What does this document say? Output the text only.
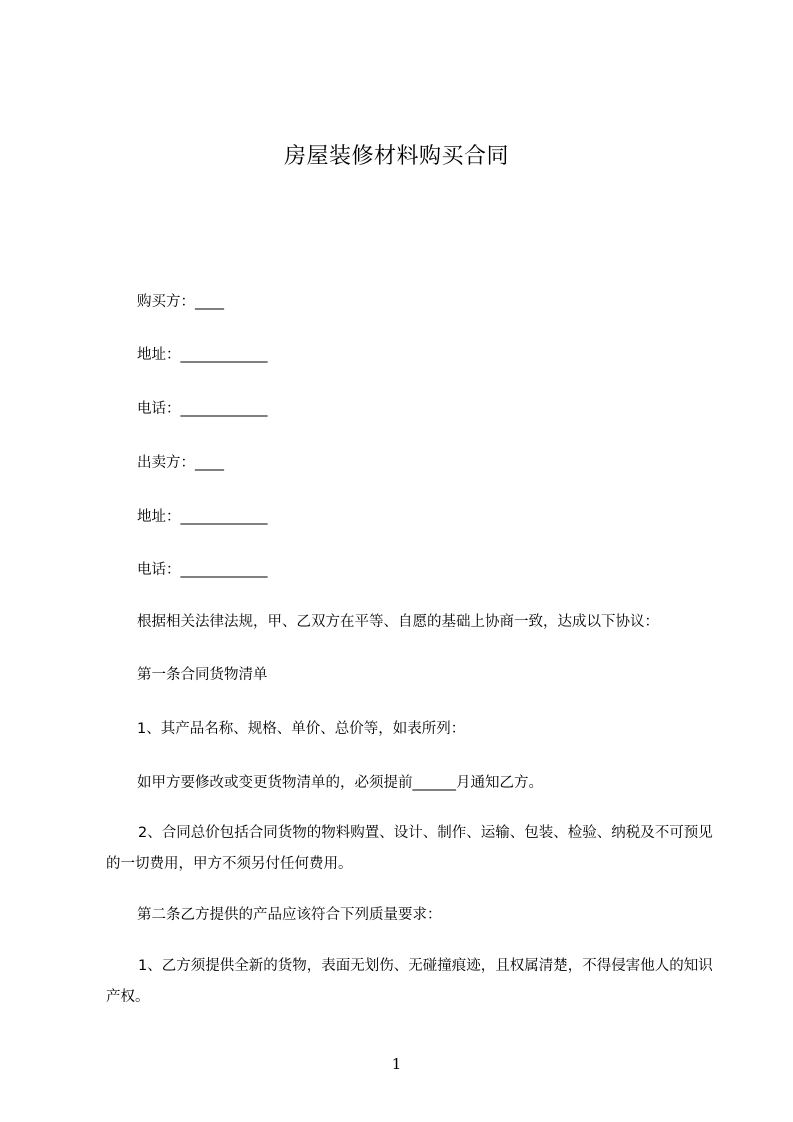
房屋装修材料购买合同
购买方：____
地址：____________
电话：____________
出卖方：____
地址：____________
电话：____________
根据相关法律法规，甲、乙双方在平等、自愿的基础上协商一致，达成以下协议：
第一条合同货物清单
1、其产品名称、规格、单价、总价等，如表所列：
如甲方要修改或变更货物清单的，必须提前______月通知乙方。
2、合同总价包括合同货物的物料购置、设计、制作、运输、包装、检验、纳税及不可预见的一切费用，甲方不须另付任何费用。
第二条乙方提供的产品应该符合下列质量要求：
1、乙方须提供全新的货物，表面无划伤、无碰撞痕迹，且权属清楚，不得侵害他人的知识产权。
1
